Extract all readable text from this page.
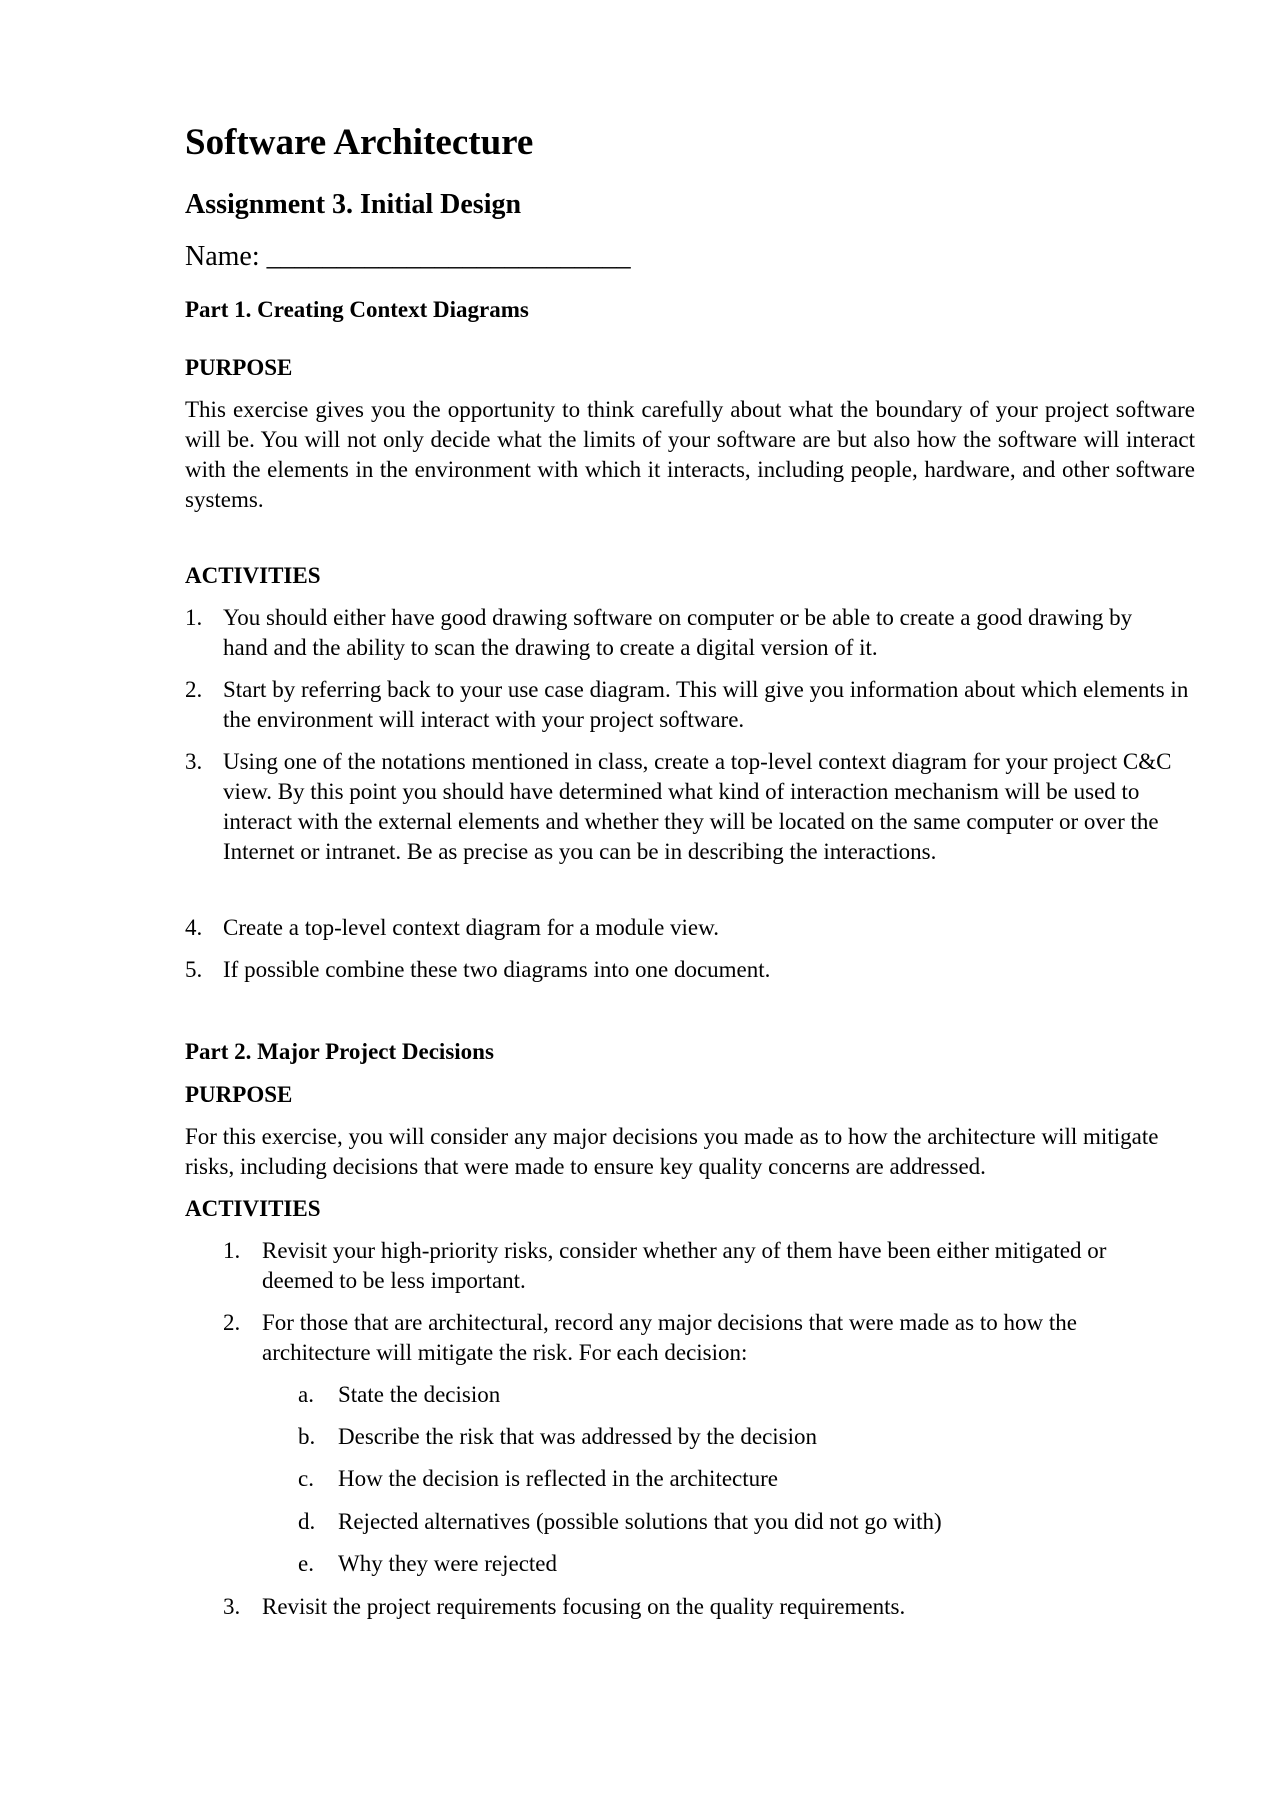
Software Architecture
Assignment 3. Initial Design
Name: __________________________
Part 1. Creating Context Diagrams
PURPOSE

This exercise gives you the opportunity to think carefully about what the boundary of your project software will be. You will not only decide what the limits of your software are but also how the software will interact with the elements in the environment with which it interacts, including people, hardware, and other software systems.

ACTIVITIES
1. You should either have good drawing software on computer or be able to create a good drawing by hand and the ability to scan the drawing to create a digital version of it.
2. Start by referring back to your use case diagram. This will give you information about which elements in the environment will interact with your project software.
3. Using one of the notations mentioned in class, create a top-level context diagram for your project C&C view. By this point you should have determined what kind of interaction mechanism will be used to interact with the external elements and whether they will be located on the same computer or over the Internet or intranet. Be as precise as you can be in describing the interactions.
4. Create a top-level context diagram for a module view.
5. If possible combine these two diagrams into one document.
Part 2. Major Project Decisions
PURPOSE

For this exercise, you will consider any major decisions you made as to how the architecture will mitigate risks, including decisions that were made to ensure key quality concerns are addressed.

ACTIVITIES
1. Revisit your high-priority risks, consider whether any of them have been either mitigated or deemed to be less important.
2. For those that are architectural, record any major decisions that were made as to how the architecture will mitigate the risk. For each decision:
a. State the decision
b. Describe the risk that was addressed by the decision
c. How the decision is reflected in the architecture
d. Rejected alternatives (possible solutions that you did not go with)
e. Why they were rejected
3. Revisit the project requirements focusing on the quality requirements.
